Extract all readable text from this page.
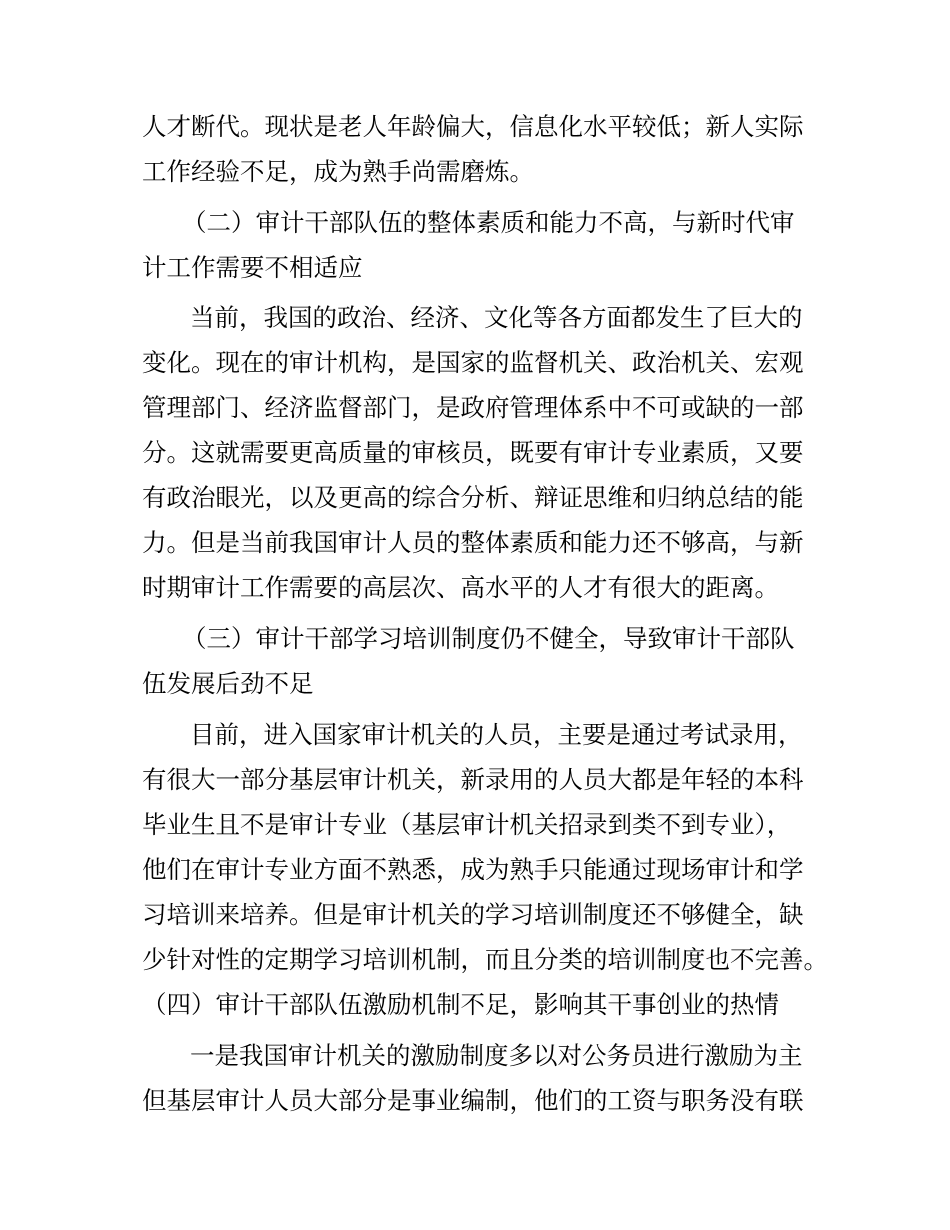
人才断代。现状是老人年龄偏大，信息化水平较低；新人实际
工作经验不足，成为熟手尚需磨炼。
（二）审计干部队伍的整体素质和能力不高，与新时代审
计工作需要不相适应
当前，我国的政治、经济、文化等各方面都发生了巨大的
变化。现在的审计机构，是国家的监督机关、政治机关、宏观
管理部门、经济监督部门，是政府管理体系中不可或缺的一部
分。这就需要更高质量的审核员，既要有审计专业素质，又要
有政治眼光，以及更高的综合分析、辩证思维和归纳总结的能
力。但是当前我国审计人员的整体素质和能力还不够高，与新
时期审计工作需要的高层次、高水平的人才有很大的距离。
（三）审计干部学习培训制度仍不健全，导致审计干部队
伍发展后劲不足
目前，进入国家审计机关的人员，主要是通过考试录用，
有很大一部分基层审计机关，新录用的人员大都是年轻的本科
毕业生且不是审计专业（基层审计机关招录到类不到专业），
他们在审计专业方面不熟悉，成为熟手只能通过现场审计和学
习培训来培养。但是审计机关的学习培训制度还不够健全，缺
少针对性的定期学习培训机制，而且分类的培训制度也不完善。
（四）审计干部队伍激励机制不足，影响其干事创业的热情
一是我国审计机关的激励制度多以对公务员进行激励为主
但基层审计人员大部分是事业编制，他们的工资与职务没有联
